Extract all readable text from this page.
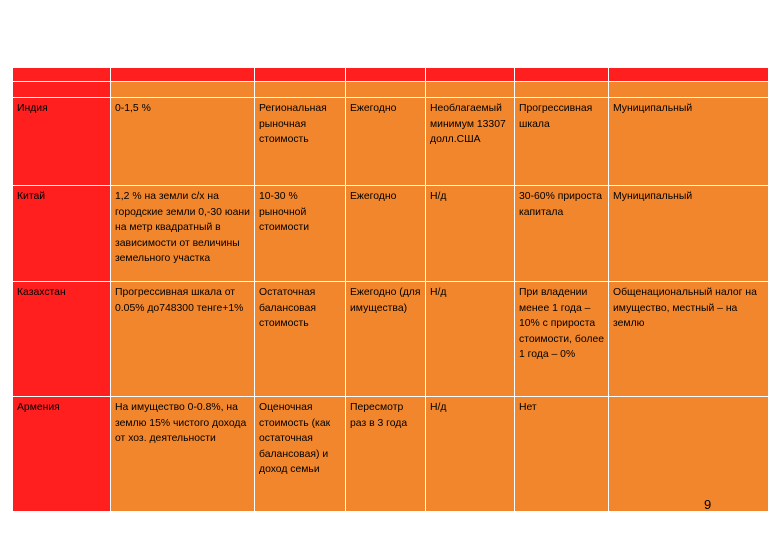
Индия	0-1,5 %	Региональная рыночная стоимость	Ежегодно	Необлагаемый минимум 13307 долл.США	Прогрессивная шкала	Муниципальный
Китай	1,2 % на земли с/х на городские земли 0,-30 юани на метр квадратный в зависимости от величины земельного участка	10-30 % рыночной стоимости	Ежегодно	Н/д	30-60% прироста капитала	Муниципальный
Казахстан	Прогрессивная шкала от 0.05% до748300 тенге+1%	Остаточная балансовая стоимость	Ежегодно (для имущества)	Н/д	При владении менее 1 года – 10% с прироста стоимости, более 1 года – 0%	Общенациональный налог на имущество, местный – на землю
Армения	На имущество 0-0.8%, на землю 15% чистого дохода от хоз. деятельности	Оценочная стоимость (как остаточная балансовая) и доход семьи	Пересмотр раз в 3 года	Н/д	Нет	
9
